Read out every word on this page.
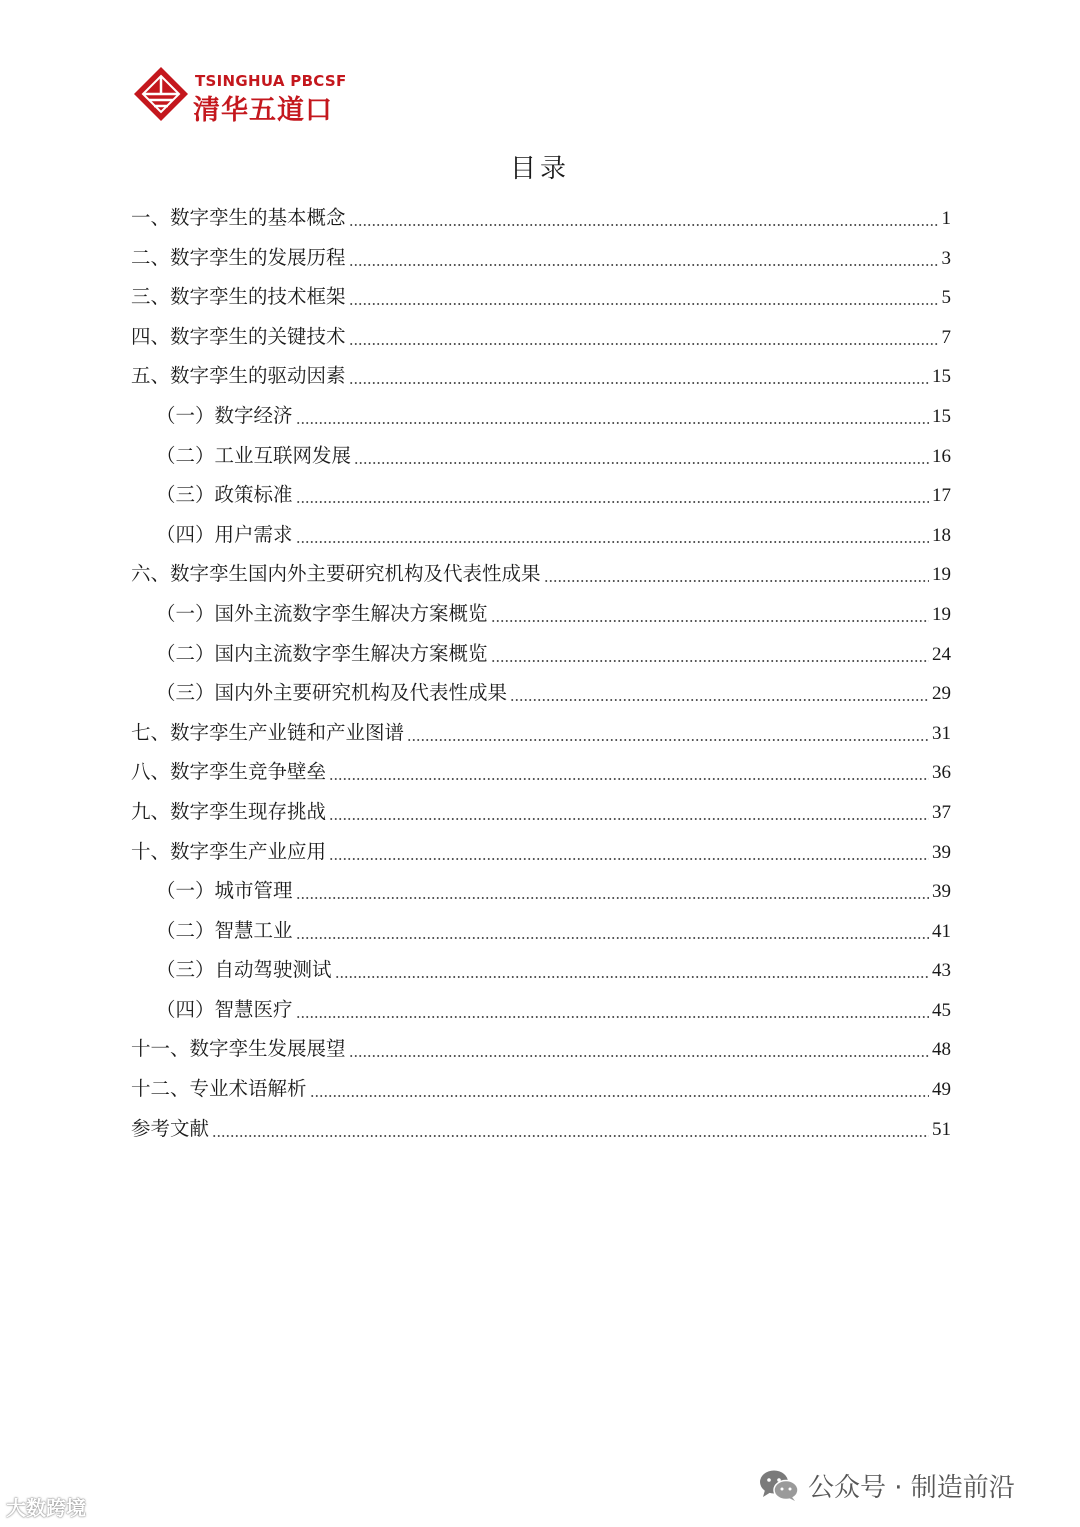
TSINGHUA PBCSF
清华五道口
目录
一、数字孪生的基本概念	1
二、数字孪生的发展历程	3
三、数字孪生的技术框架	5
四、数字孪生的关键技术	7
五、数字孪生的驱动因素	15
（一）数字经济	15
（二）工业互联网发展	16
（三）政策标准	17
（四）用户需求	18
六、数字孪生国内外主要研究机构及代表性成果	19
（一）国外主流数字孪生解决方案概览	19
（二）国内主流数字孪生解决方案概览	24
（三）国内外主要研究机构及代表性成果	29
七、数字孪生产业链和产业图谱	31
八、数字孪生竞争壁垒	36
九、数字孪生现存挑战	37
十、数字孪生产业应用	39
（一）城市管理	39
（二）智慧工业	41
（三）自动驾驶测试	43
（四）智慧医疗	45
十一、数字孪生发展展望	48
十二、专业术语解析	49
参考文献	51
大数跨境
公众号 · 制造前沿
